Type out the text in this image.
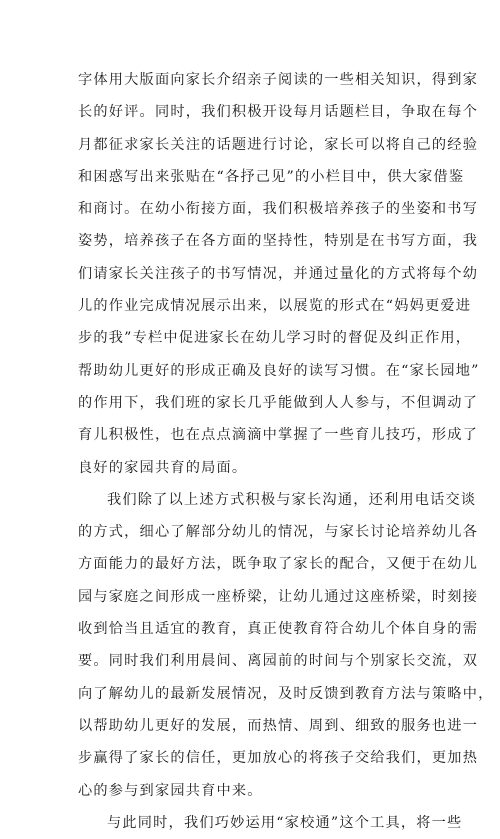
字体用大版面向家长介绍亲子阅读的一些相关知识，得到家
长的好评。同时，我们积极开设每月话题栏目，争取在每个
月都征求家长关注的话题进行讨论，家长可以将自己的经验
和困惑写出来张贴在“各抒己见”的小栏目中，供大家借鉴
和商讨。在幼小衔接方面，我们积极培养孩子的坐姿和书写
姿势，培养孩子在各方面的坚持性，特别是在书写方面，我
们请家长关注孩子的书写情况，并通过量化的方式将每个幼
儿的作业完成情况展示出来，以展览的形式在“妈妈更爱进
步的我”专栏中促进家长在幼儿学习时的督促及纠正作用，
帮助幼儿更好的形成正确及良好的读写习惯。在“家长园地”
的作用下，我们班的家长几乎能做到人人参与，不但调动了
育儿积极性，也在点点滴滴中掌握了一些育儿技巧，形成了
良好的家园共育的局面。
我们除了以上述方式积极与家长沟通，还利用电话交谈
的方式，细心了解部分幼儿的情况，与家长讨论培养幼儿各
方面能力的最好方法，既争取了家长的配合，又便于在幼儿
园与家庭之间形成一座桥梁，让幼儿通过这座桥梁，时刻接
收到恰当且适宜的教育，真正使教育符合幼儿个体自身的需
要。同时我们利用晨间、离园前的时间与个别家长交流，双
向了解幼儿的最新发展情况，及时反馈到教育方法与策略中，
以帮助幼儿更好的发展，而热情、周到、细致的服务也进一
步赢得了家长的信任，更加放心的将孩子交给我们，更加热
心的参与到家园共育中来。
与此同时，我们巧妙运用“家校通”这个工具，将一些
